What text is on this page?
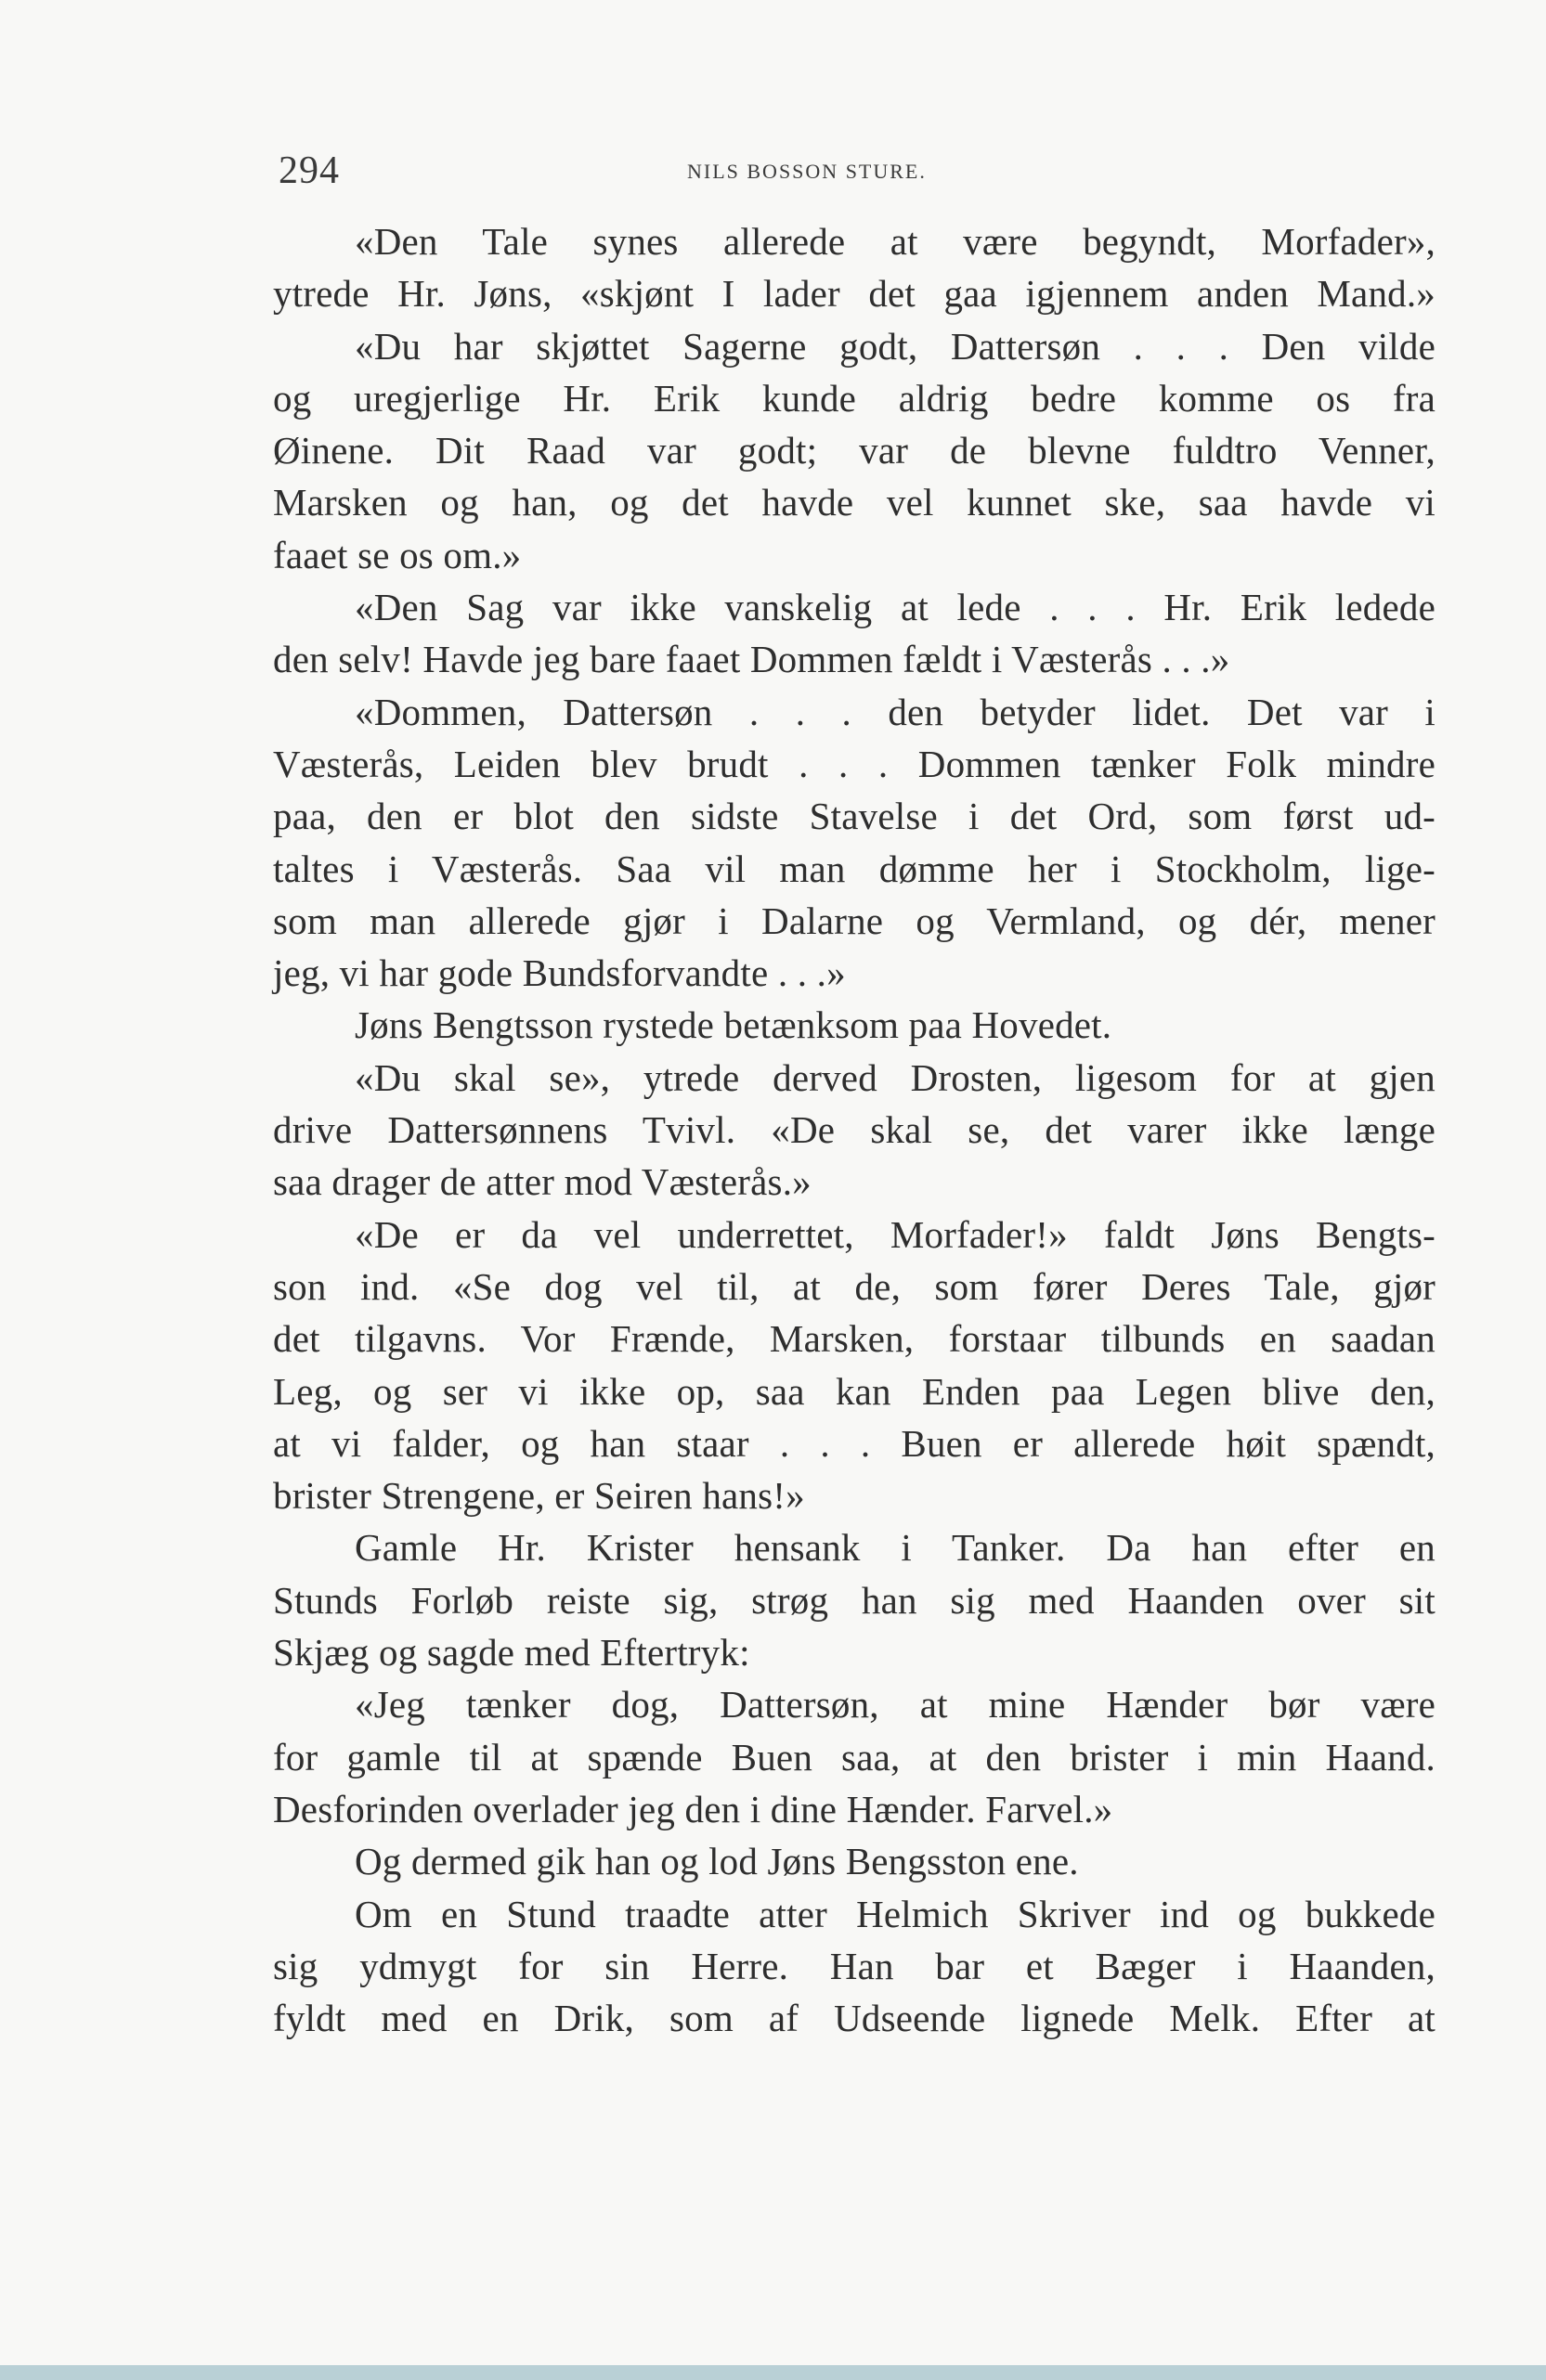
294	NILS BOSSON STURE.
«Den Tale synes allerede at være begyndt, Morfader»,
ytrede Hr. Jøns, «skjønt I lader det gaa igjennem anden Mand.»
«Du har skjøttet Sagerne godt, Dattersøn . . . Den vilde
og uregjerlige Hr. Erik kunde aldrig bedre komme os fra
Øinene. Dit Raad var godt; var de blevne fuldtro Venner,
Marsken og han, og det havde vel kunnet ske, saa havde vi
faaet se os om.»
«Den Sag var ikke vanskelig at lede . . . Hr. Erik ledede
den selv! Havde jeg bare faaet Dommen fældt i Væsterås . . .»
«Dommen, Dattersøn . . . den betyder lidet. Det var i
Væsterås, Leiden blev brudt . . . Dommen tænker Folk mindre
paa, den er blot den sidste Stavelse i det Ord, som først ud-
taltes i Væsterås. Saa vil man dømme her i Stockholm, lige-
som man allerede gjør i Dalarne og Vermland, og dér, mener
jeg, vi har gode Bundsforvandte . . .»
Jøns Bengtsson rystede betænksom paa Hovedet.
«Du skal se», ytrede derved Drosten, ligesom for at gjen
drive Dattersønnens Tvivl. «De skal se, det varer ikke længe
saa drager de atter mod Væsterås.»
«De er da vel underrettet, Morfader!» faldt Jøns Bengts-
son ind. «Se dog vel til, at de, som fører Deres Tale, gjør
det tilgavns. Vor Frænde, Marsken, forstaar tilbunds en saadan
Leg, og ser vi ikke op, saa kan Enden paa Legen blive den,
at vi falder, og han staar . . . Buen er allerede høit spændt,
brister Strengene, er Seiren hans!»
Gamle Hr. Krister hensank i Tanker. Da han efter en
Stunds Forløb reiste sig, strøg han sig med Haanden over sit
Skjæg og sagde med Eftertryk:
«Jeg tænker dog, Dattersøn, at mine Hænder bør være
for gamle til at spænde Buen saa, at den brister i min Haand.
Desforinden overlader jeg den i dine Hænder. Farvel.»
Og dermed gik han og lod Jøns Bengsston ene.
Om en Stund traadte atter Helmich Skriver ind og bukkede
sig ydmygt for sin Herre. Han bar et Bæger i Haanden,
fyldt med en Drik, som af Udseende lignede Melk. Efter at
